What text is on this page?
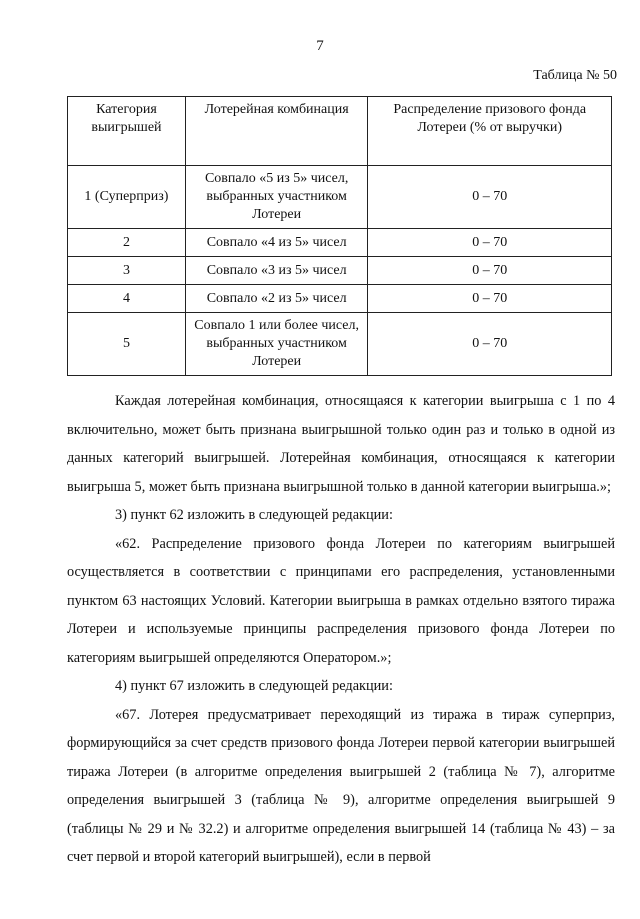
7
Таблица № 50
Категория выигрышей	Лотерейная комбинация	Распределение призового фонда Лотереи (% от выручки)
1 (Суперприз)	Совпало «5 из 5» чисел, выбранных участником Лотереи	0 – 70
2	Совпало «4 из 5» чисел	0 – 70
3	Совпало «3 из 5» чисел	0 – 70
4	Совпало «2 из 5» чисел	0 – 70
5	Совпало 1 или более чисел, выбранных участником Лотереи	0 – 70

Каждая лотерейная комбинация, относящаяся к категории выигрыша с 1 по 4 включительно, может быть признана выигрышной только один раз и только в одной из данных категорий выигрышей. Лотерейная комбинация, относящаяся к категории выигрыша 5, может быть признана выигрышной только в данной категории выигрыша.»;

3) пункт 62 изложить в следующей редакции:

«62. Распределение призового фонда Лотереи по категориям выигрышей осуществляется в соответствии с принципами его распределения, установленными пунктом 63 настоящих Условий. Категории выигрыша в рамках отдельно взятого тиража Лотереи и используемые принципы распределения призового фонда Лотереи по категориям выигрышей определяются Оператором.»;

4) пункт 67 изложить в следующей редакции:

«67. Лотерея предусматривает переходящий из тиража в тираж суперприз, формирующийся за счет средств призового фонда Лотереи первой категории выигрышей тиража Лотереи (в алгоритме определения выигрышей 2 (таблица № 7), алгоритме определения выигрышей 3 (таблица № 9), алгоритме определения выигрышей 9 (таблицы № 29 и № 32.2) и алгоритме определения выигрышей 14 (таблица № 43) – за счет первой и второй категорий выигрышей), если в первой
